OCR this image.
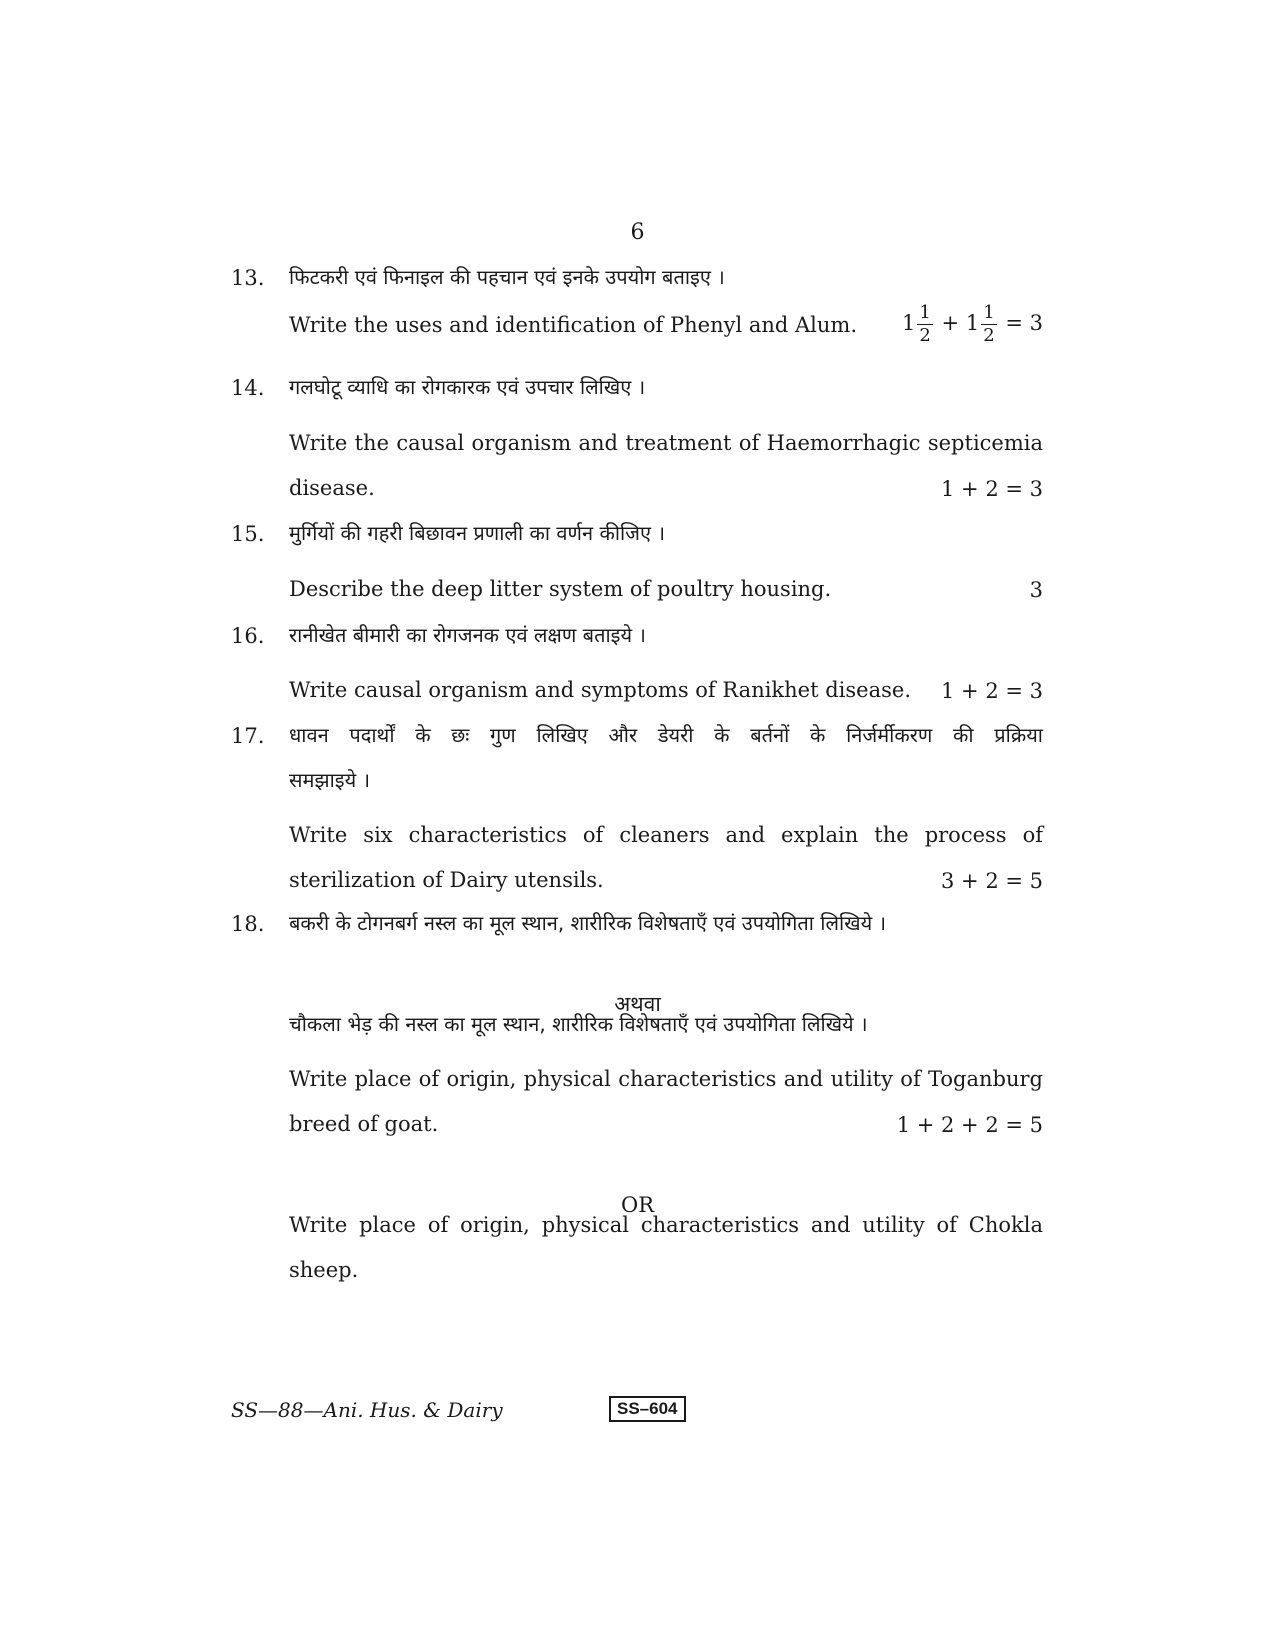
6
13.	फिटकरी एवं फिनाइल की पहचान एवं इनके उपयोग बताइए ।
Write the uses and identification of Phenyl and Alum.	$1 \frac{1}{2} + 1 \frac{1}{2} = 3$
14.	गलघोटू व्याधि का रोगकारक एवं उपचार लिखिए ।
Write the causal organism and treatment of Haemorrhagic septicemia
disease.	1 + 2 = 3
15.	मुर्गियों की गहरी बिछावन प्रणाली का वर्णन कीजिए ।
Describe the deep litter system of poultry housing.	3
16.	रानीखेत बीमारी का रोगजनक एवं लक्षण बताइये ।
Write causal organism and symptoms of Ranikhet disease.	1 + 2 = 3
17.	धावन पदार्थों के छः गुण लिखिए और डेयरी के बर्तनों के निर्जर्मीकरण की प्रक्रिया
समझाइये ।
Write six characteristics of cleaners and explain the process of
sterilization of Dairy utensils.	3 + 2 = 5
18.	बकरी के टोगनबर्ग नस्ल का मूल स्थान, शारीरिक विशेषताएँ एवं उपयोगिता लिखिये ।
चौकला भेड़ की नस्ल का मूल स्थान, शारीरिक विशेषताएँ एवं उपयोगिता लिखिये ।
Write place of origin, physical characteristics and utility of Toganburg
breed of goat.	1 + 2 + 2 = 5
Write place of origin, physical characteristics and utility of Chokla
sheep.
अथवा
OR
SS—88—Ani. Hus. & Dairy	SS–604
